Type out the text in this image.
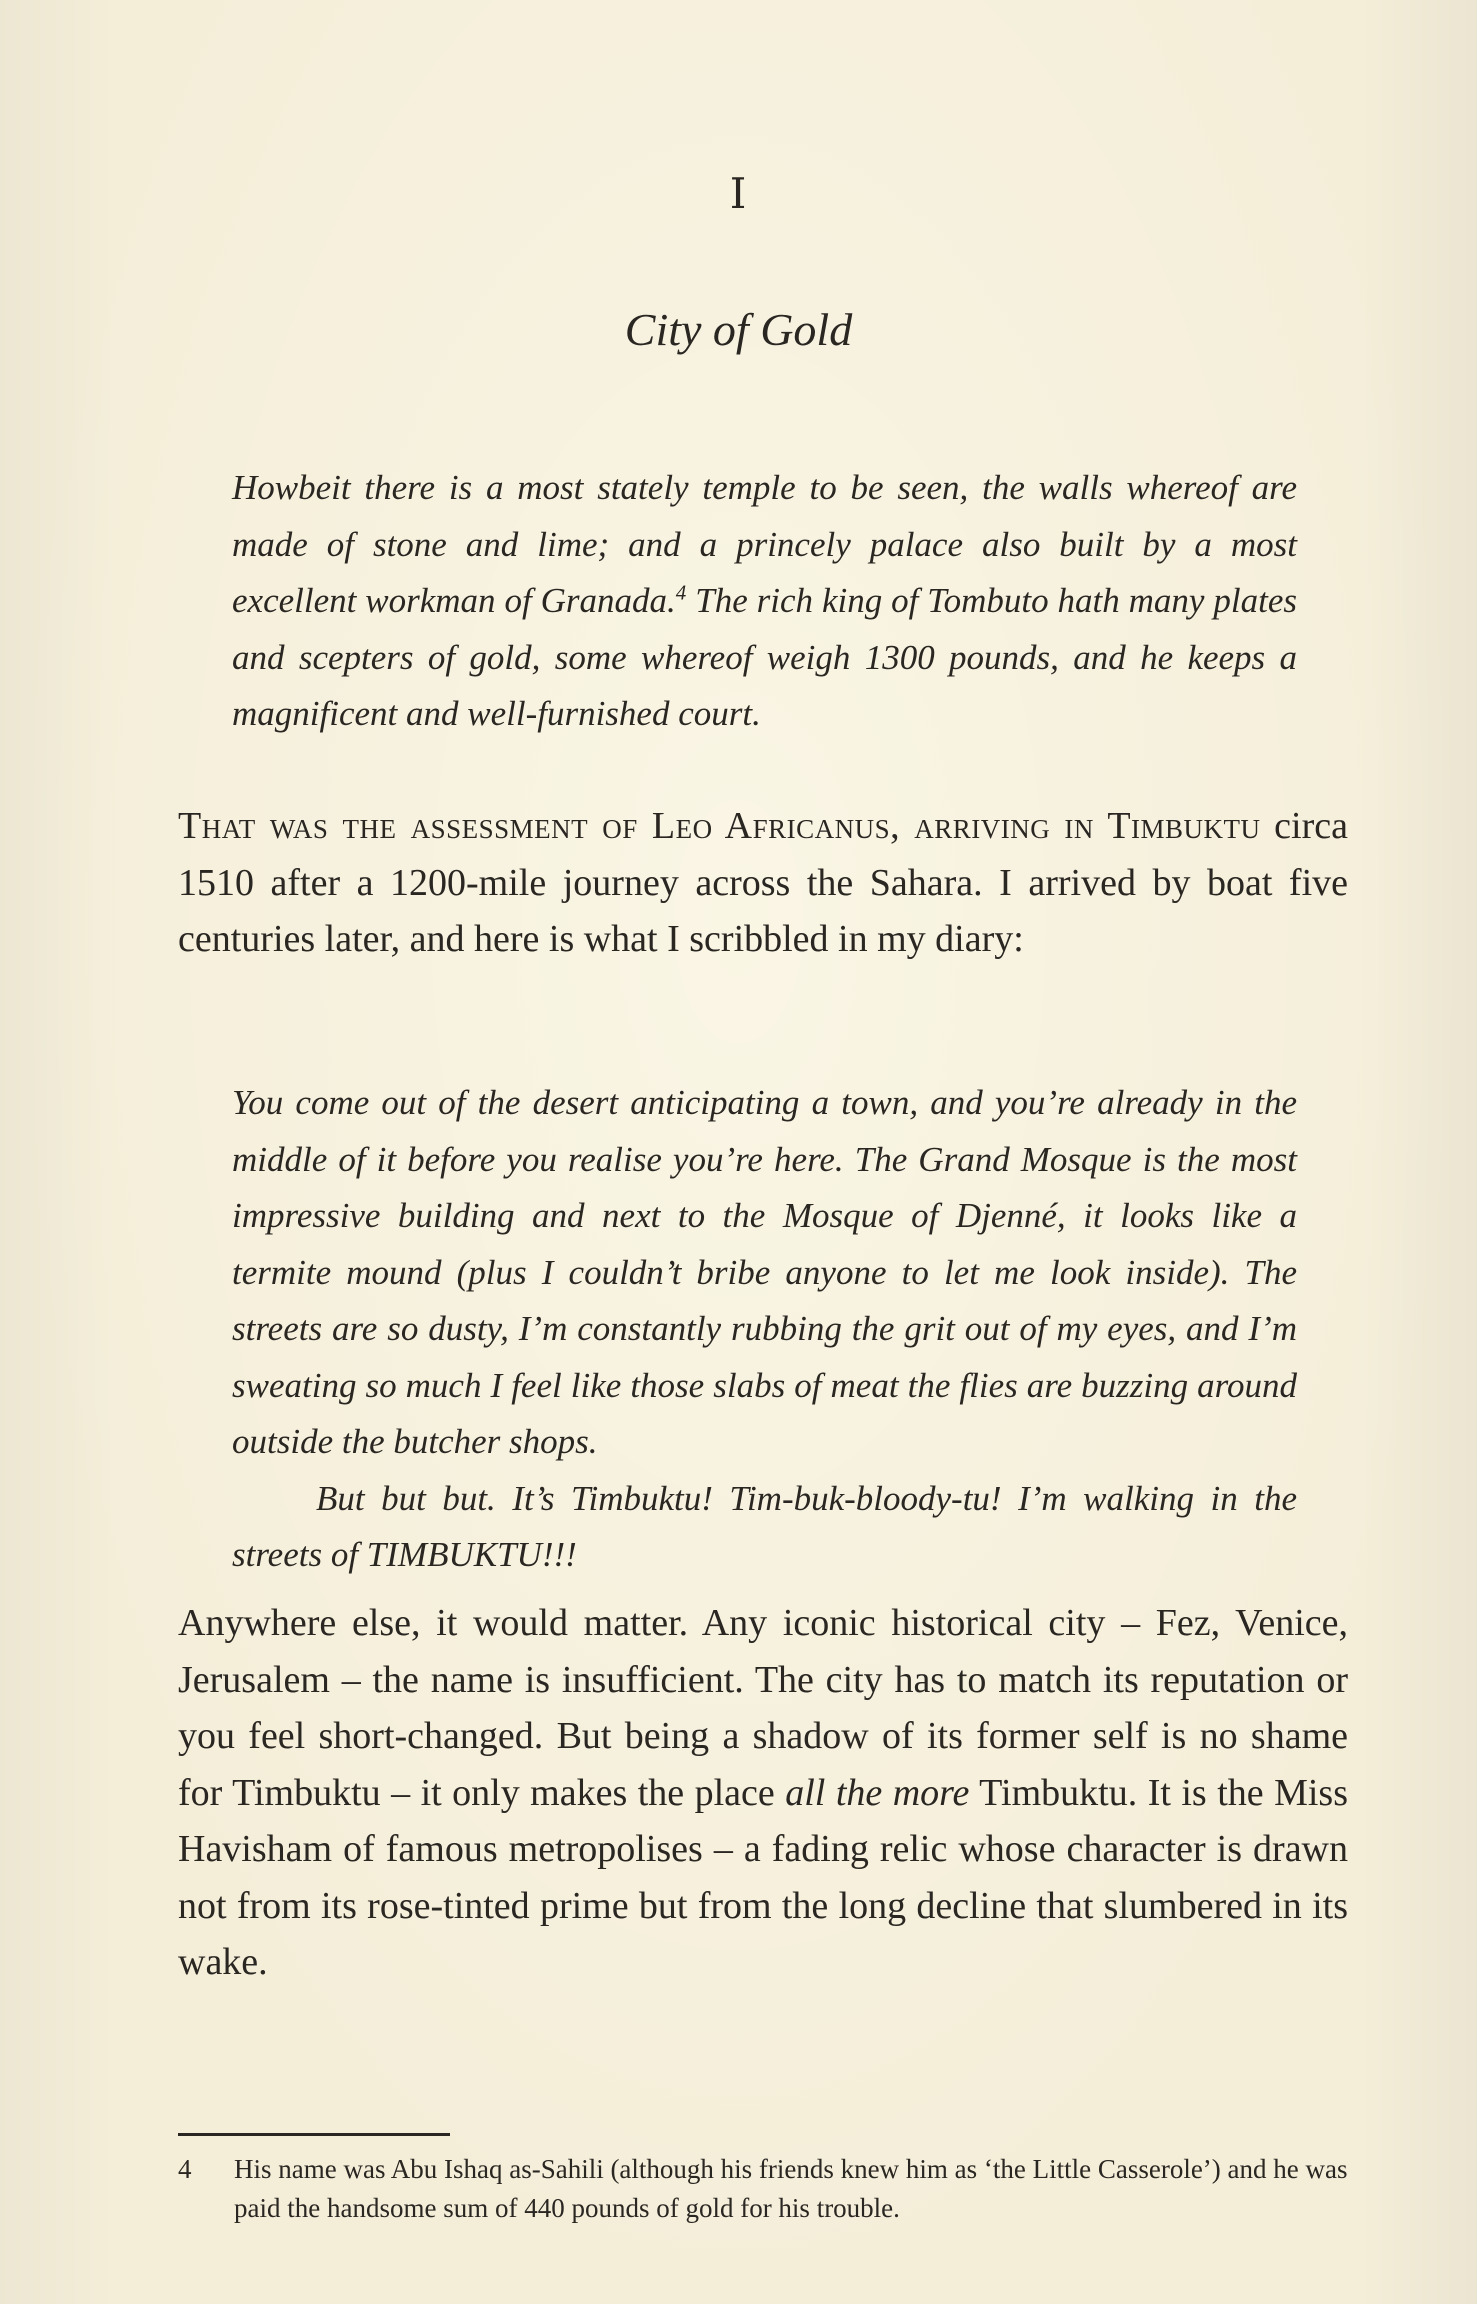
I
City of Gold

Howbeit there is a most stately temple to be seen, the walls whereof are made of stone and lime; and a princely palace also built by a most excellent workman of Granada.$^4$ The rich king of Tombuto hath many plates and scepters of gold, some whereof weigh 1300 pounds, and he keeps a magnificent and well-furnished court.

That was the assessment of Leo Africanus, arriving in Timbuktu circa 1510 after a 1200-mile journey across the Sahara. I arrived by boat five centuries later, and here is what I scribbled in my diary:

You come out of the desert anticipating a town, and you’re already in the middle of it before you realise you’re here. The Grand Mosque is the most impressive building and next to the Mosque of Djenné, it looks like a termite mound (plus I couldn’t bribe anyone to let me look inside). The streets are so dusty, I’m constantly rubbing the grit out of my eyes, and I’m sweating so much I feel like those slabs of meat the flies are buzzing around outside the butcher shops.

But but but. It’s Timbuktu! Tim-buk-bloody-tu! I’m walking in the streets of TIMBUKTU!!!

Anywhere else, it would matter. Any iconic historical city – Fez, Venice, Jerusalem – the name is insufficient. The city has to match its reputation or you feel short-changed. But being a shadow of its former self is no shame for Timbuktu – it only makes the place all the more Timbuktu. It is the Miss Havisham of famous metropolises – a fading relic whose character is drawn not from its rose-tinted prime but from the long decline that slumbered in its wake.

4	His name was Abu Ishaq as-Sahili (although his friends knew him as ‘the Little Casserole’) and he was paid the handsome sum of 440 pounds of gold for his trouble.
